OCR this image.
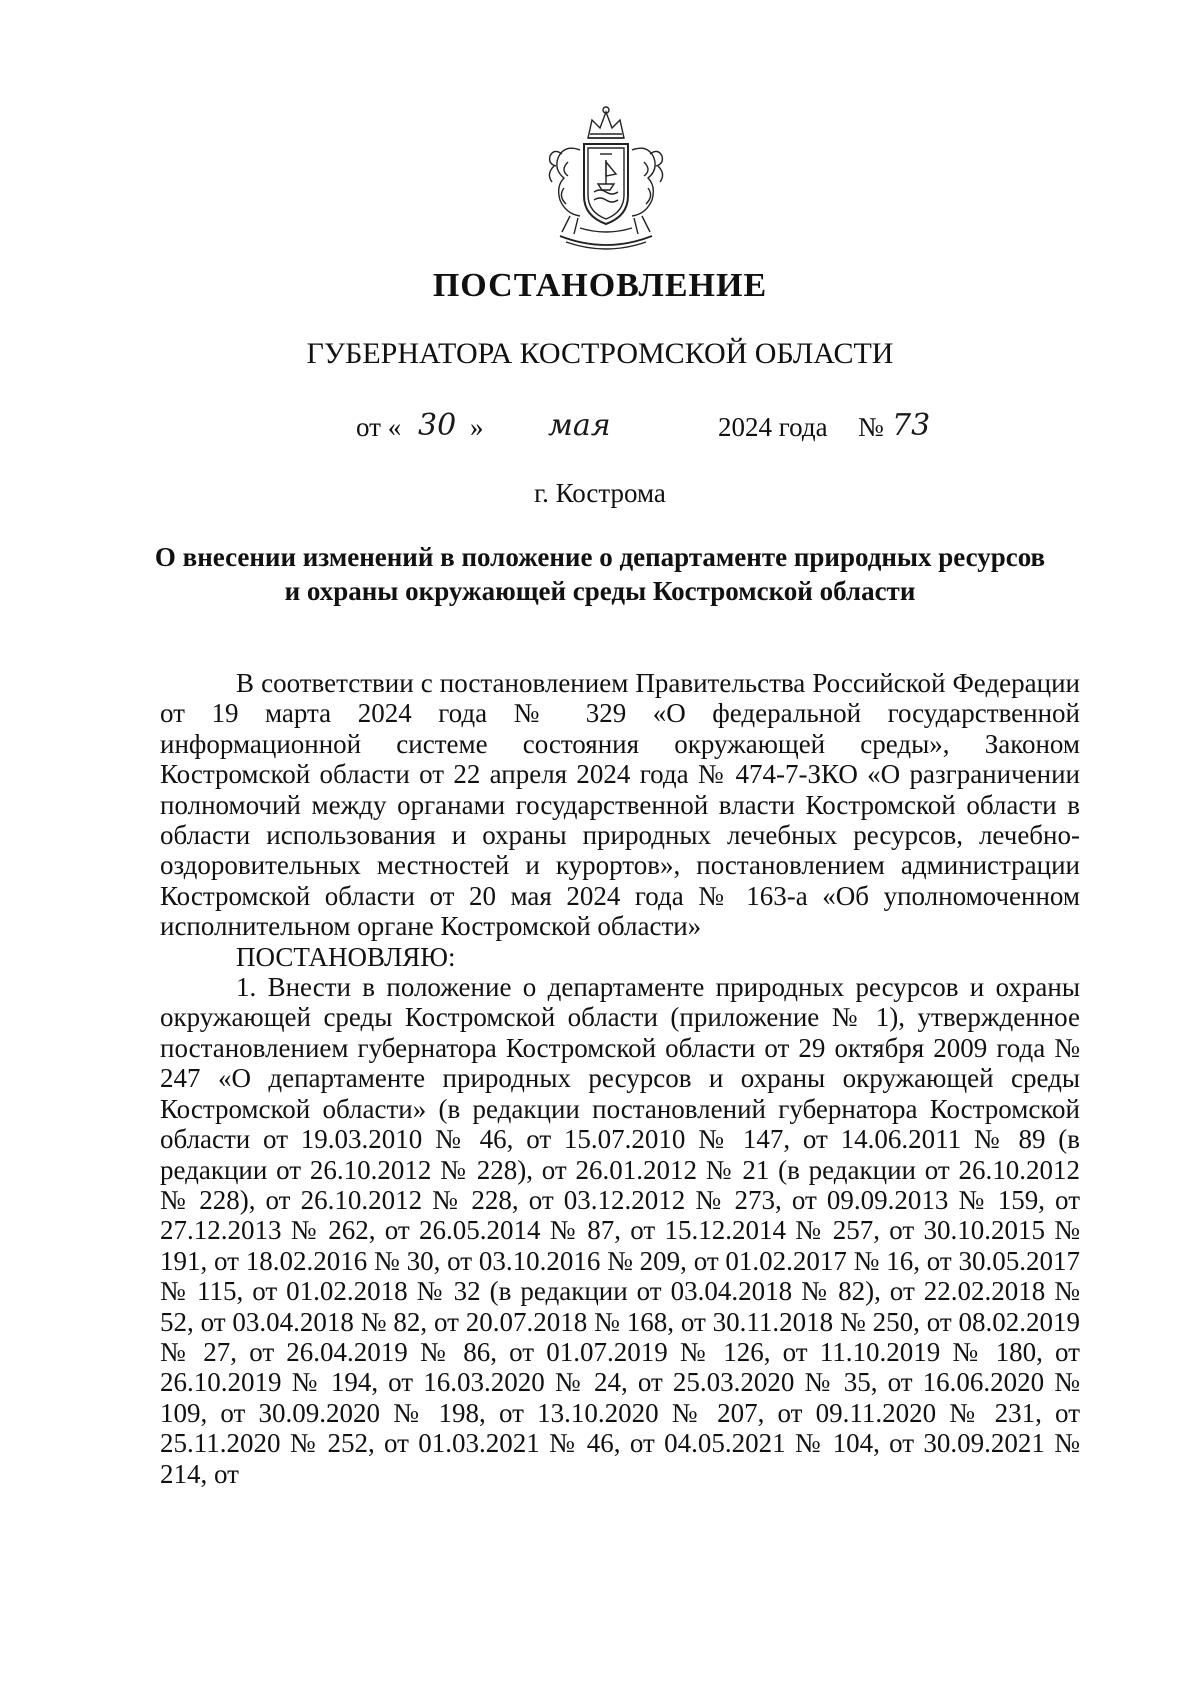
ПОСТАНОВЛЕНИЕ
ГУБЕРНАТОРА КОСТРОМСКОЙ ОБЛАСТИ
от « 30 » мая	2024 года № 73
г. Кострома
О внесении изменений в положение о департаменте природных ресурсов и охраны окружающей среды Костромской области

В соответствии с постановлением Правительства Российской Федерации от 19 марта 2024 года № 329 «О федеральной государственной информационной системе состояния окружающей среды», Законом Костромской области от 22 апреля 2024 года № 474-7-ЗКО «О разграничении полномочий между органами государственной власти Костромской области в области использования и охраны природных лечебных ресурсов, лечебно-оздоровительных местностей и курортов», постановлением администрации Костромской области от 20 мая 2024 года № 163-а «Об уполномоченном исполнительном органе Костромской области»

ПОСТАНОВЛЯЮ:

1. Внести в положение о департаменте природных ресурсов и охраны окружающей среды Костромской области (приложение № 1), утвержденное постановлением губернатора Костромской области от 29 октября 2009 года № 247 «О департаменте природных ресурсов и охраны окружающей среды Костромской области» (в редакции постановлений губернатора Костромской области от 19.03.2010 № 46, от 15.07.2010 № 147, от 14.06.2011 № 89 (в редакции от 26.10.2012 № 228), от 26.01.2012 № 21 (в редакции от 26.10.2012 № 228), от 26.10.2012 № 228, от 03.12.2012 № 273, от 09.09.2013 № 159, от 27.12.2013 № 262, от 26.05.2014 № 87, от 15.12.2014 № 257, от 30.10.2015 № 191, от 18.02.2016 № 30, от 03.10.2016 № 209, от 01.02.2017 № 16, от 30.05.2017 № 115, от 01.02.2018 № 32 (в редакции от 03.04.2018 № 82), от 22.02.2018 № 52, от 03.04.2018 № 82, от 20.07.2018 № 168, от 30.11.2018 № 250, от 08.02.2019 № 27, от 26.04.2019 № 86, от 01.07.2019 № 126, от 11.10.2019 № 180, от 26.10.2019 № 194, от 16.03.2020 № 24, от 25.03.2020 № 35, от 16.06.2020 № 109, от 30.09.2020 № 198, от 13.10.2020 № 207, от 09.11.2020 № 231, от 25.11.2020 № 252, от 01.03.2021 № 46, от 04.05.2021 № 104, от 30.09.2021 № 214, от
